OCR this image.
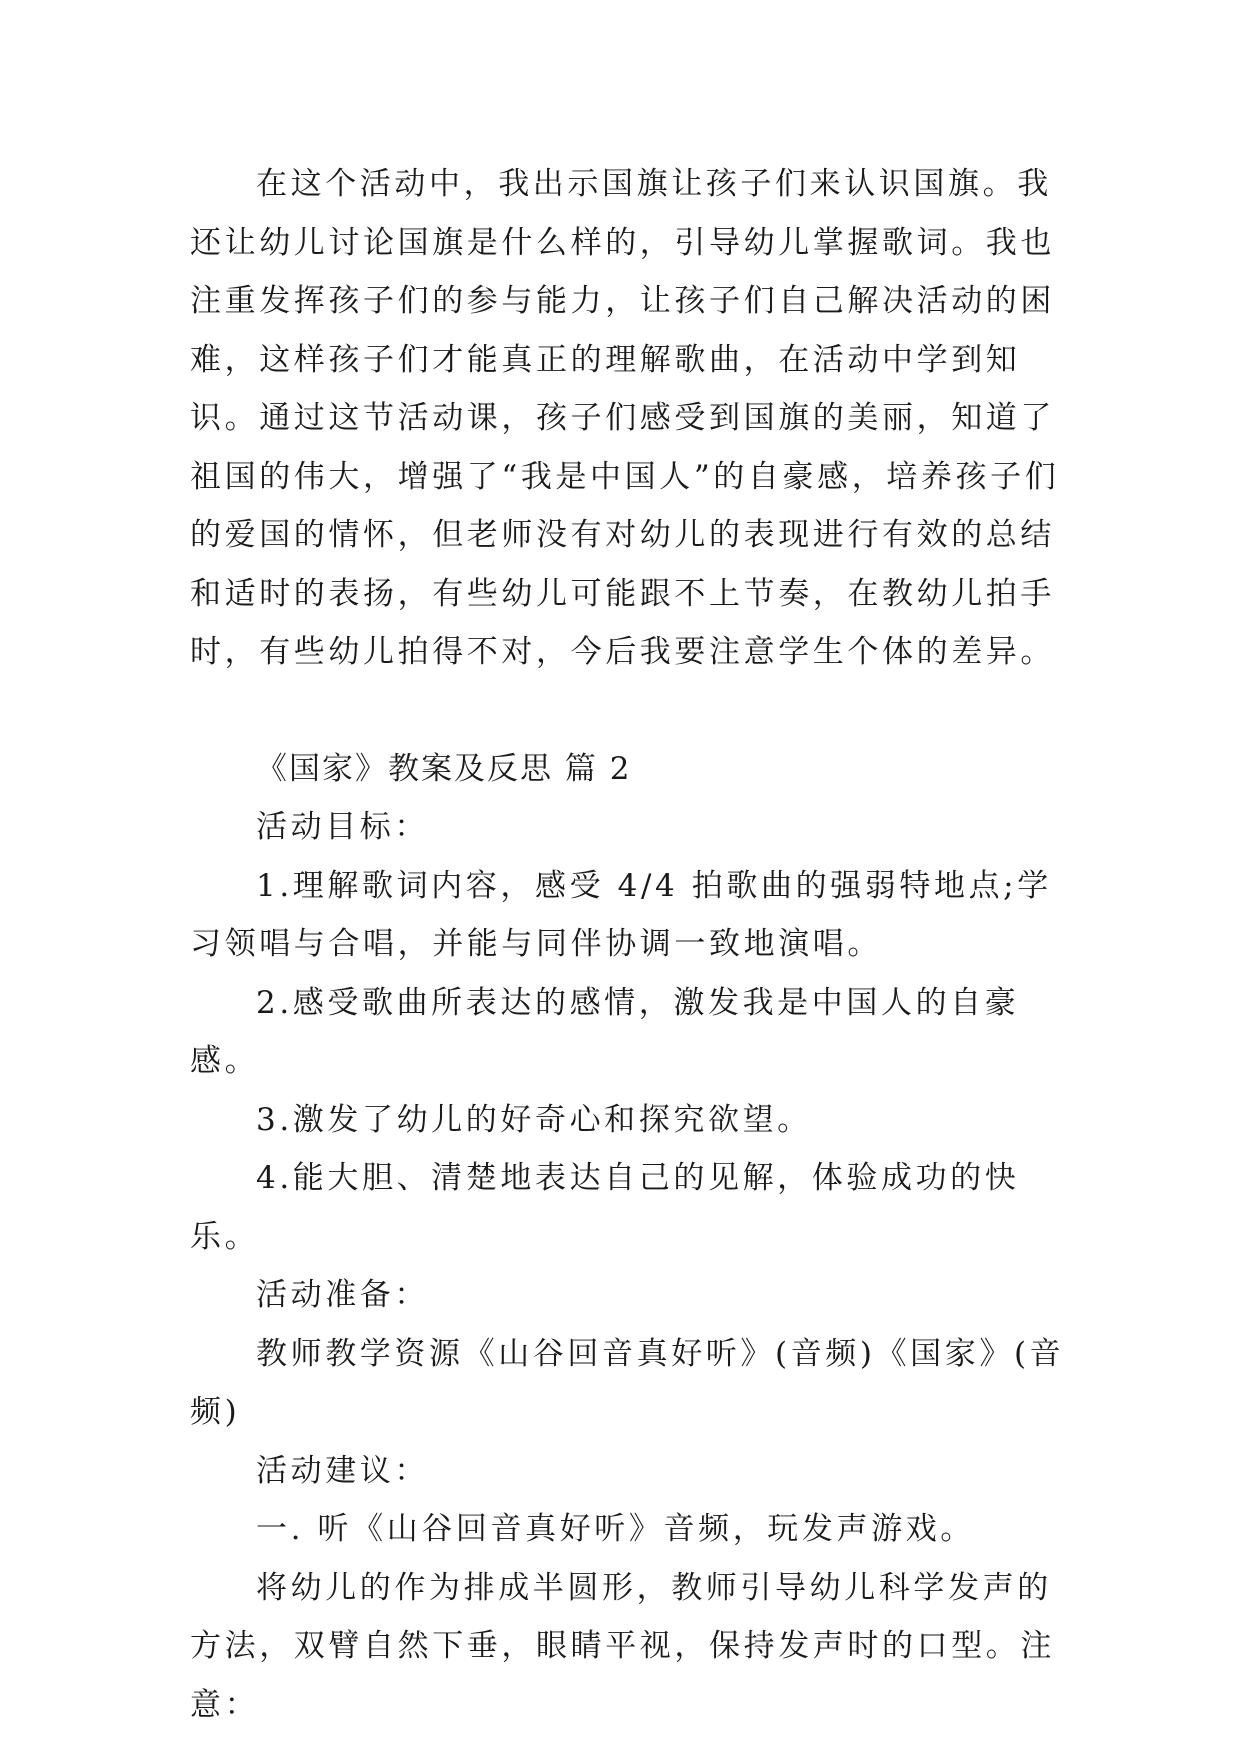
在这个活动中，我出示国旗让孩子们来认识国旗。我还让幼儿讨论国旗是什么样的，引导幼儿掌握歌词。我也注重发挥孩子们的参与能力，让孩子们自己解决活动的困难，这样孩子们才能真正的理解歌曲，在活动中学到知识。通过这节活动课，孩子们感受到国旗的美丽，知道了祖国的伟大，增强了“我是中国人”的自豪感，培养孩子们的爱国的情怀，但老师没有对幼儿的表现进行有效的总结和适时的表扬，有些幼儿可能跟不上节奏，在教幼儿拍手时，有些幼儿拍得不对，今后我要注意学生个体的差异。

《国家》教案及反思 篇 2

活动目标：

1.理解歌词内容，感受 4/4 拍歌曲的强弱特地点;学习领唱与合唱，并能与同伴协调一致地演唱。

2.感受歌曲所表达的感情，激发我是中国人的自豪感。

3.激发了幼儿的好奇心和探究欲望。

4.能大胆、清楚地表达自己的见解，体验成功的快乐。

活动准备：

教师教学资源《山谷回音真好听》(音频)《国家》(音频)

活动建议：

一. 听《山谷回音真好听》音频，玩发声游戏。

将幼儿的作为排成半圆形，教师引导幼儿科学发声的方法，双臂自然下垂，眼睛平视，保持发声时的口型。注意：
